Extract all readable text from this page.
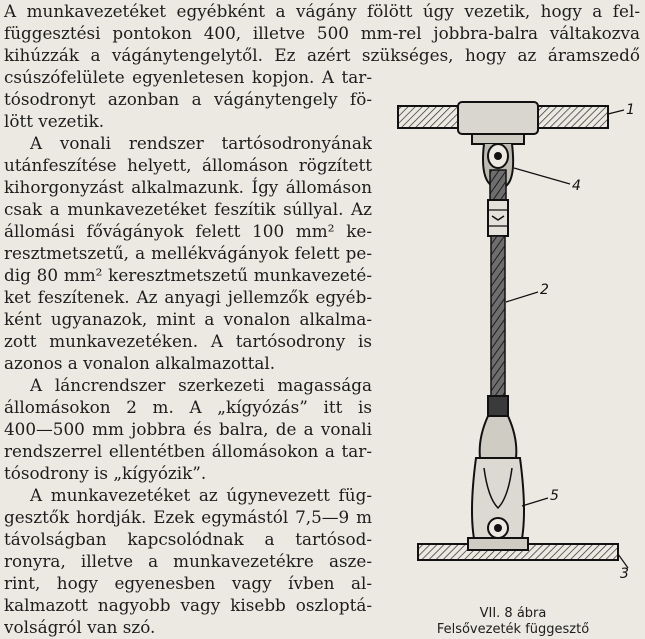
A munkavezetéket egyébként a vágány fölött úgy vezetik, hogy a fel-
függesztési pontokon 400, illetve 500 mm-rel jobbra-balra váltakozva
kihúzzák a vágánytengelytől. Ez azért szükséges, hogy az áramszedő
csúszófelülete egyenletesen kopjon. A tar-
tósodronyt azonban a vágánytengely fö-
lött vezetik.
A vonali rendszer tartósodronyának
utánfeszítése helyett, állomáson rögzített
kihorgonyzást alkalmazunk. Így állomáson
csak a munkavezetéket feszítik súllyal. Az
állomási fővágányok felett 100 mm² ke-
resztmetszetű, a mellékvágányok felett pe-
dig 80 mm² keresztmetszetű munkavezeté-
ket feszítenek. Az anyagi jellemzők egyéb-
ként ugyanazok, mint a vonalon alkalma-
zott munkavezetéken. A tartósodrony is
azonos a vonalon alkalmazottal.
A láncrendszer szerkezeti magassága
állomásokon 2 m. A „kígyózás” itt is
400—500 mm jobbra és balra, de a vonali
rendszerrel ellentétben állomásokon a tar-
tósodrony is „kígyózik”.
A munkavezetéket az úgynevezett füg-
gesztők hordják. Ezek egymástól 7,5—9 m
távolságban kapcsolódnak a tartósod-
ronyra, illetve a munkavezetékre asze-
rint, hogy egyenesben vagy ívben al-
kalmazott nagyobb vagy kisebb oszloptá-
volságról van szó.
1
4
2
5
3
VII. 8 ábra
Felsővezeték függesztő
